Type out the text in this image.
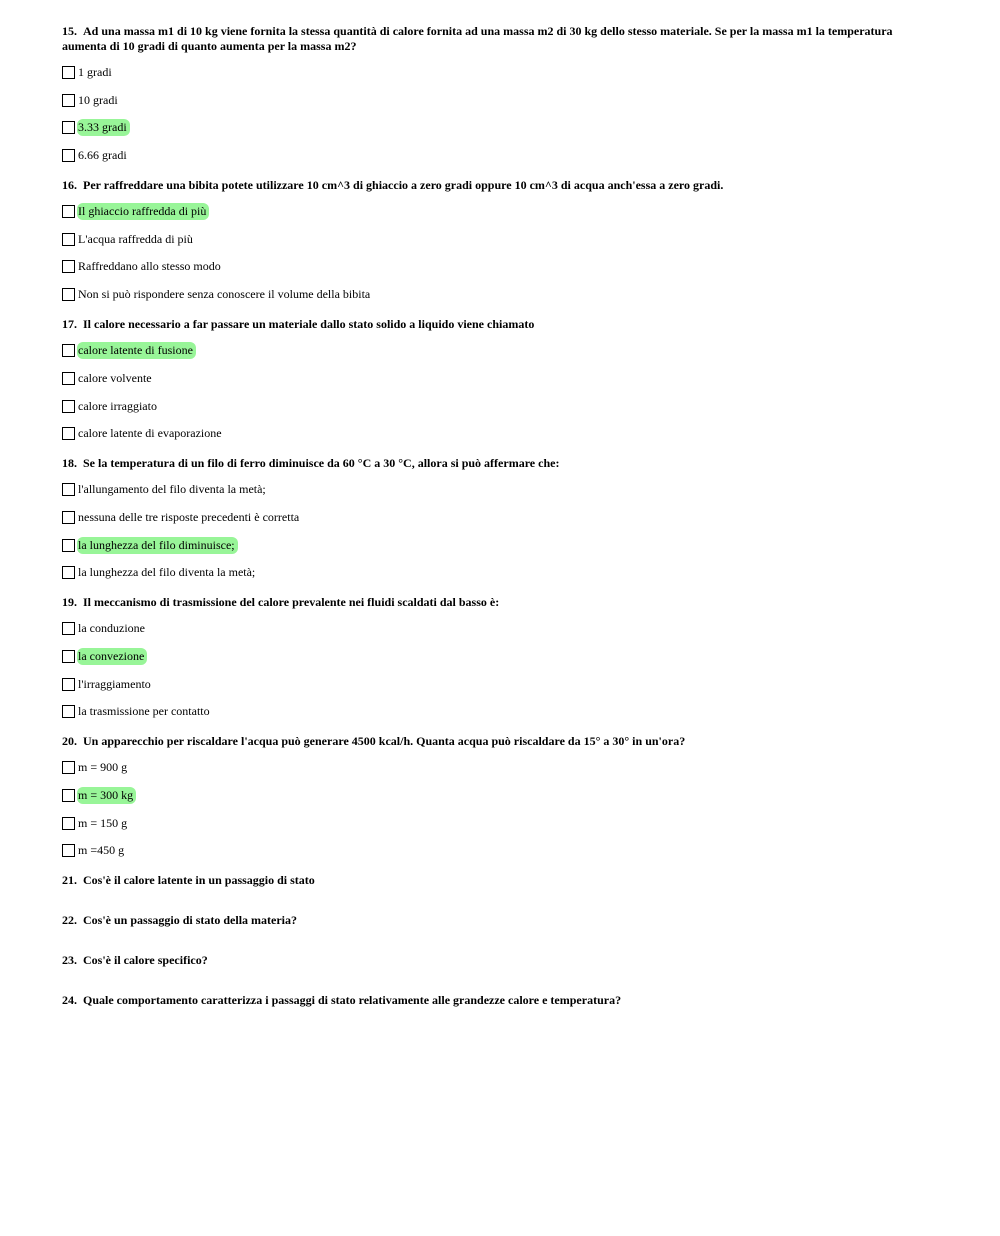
15. Ad una massa m1 di 10 kg viene fornita la stessa quantità di calore fornita ad una massa m2 di 30 kg dello stesso materiale. Se per la massa m1 la temperatura aumenta di 10 gradi di quanto aumenta per la massa m2?
1 gradi
10 gradi
3.33 gradi
6.66 gradi
16. Per raffreddare una bibita potete utilizzare 10 cm^3 di ghiaccio a zero gradi oppure 10 cm^3 di acqua anch'essa a zero gradi.
Il ghiaccio raffredda di più
L'acqua raffredda di più
Raffreddano allo stesso modo
Non si può rispondere senza conoscere il volume della bibita
17. Il calore necessario a far passare un materiale dallo stato solido a liquido viene chiamato
calore latente di fusione
calore volvente
calore irraggiato
calore latente di evaporazione
18. Se la temperatura di un filo di ferro diminuisce da 60 °C a 30 °C, allora si può affermare che:
l'allungamento del filo diventa la metà;
nessuna delle tre risposte precedenti è corretta
la lunghezza del filo diminuisce;
la lunghezza del filo diventa la metà;
19. Il meccanismo di trasmissione del calore prevalente nei fluidi scaldati dal basso è:
la conduzione
la convezione
l'irraggiamento
la trasmissione per contatto
20. Un apparecchio per riscaldare l'acqua può generare 4500 kcal/h. Quanta acqua può riscaldare da 15° a 30° in un'ora?
m = 900 g
m = 300 kg
m = 150 g
m =450 g
21. Cos'è il calore latente in un passaggio di stato
22. Cos'è un passaggio di stato della materia?
23. Cos'è il calore specifico?
24. Quale comportamento caratterizza i passaggi di stato relativamente alle grandezze calore e temperatura?
